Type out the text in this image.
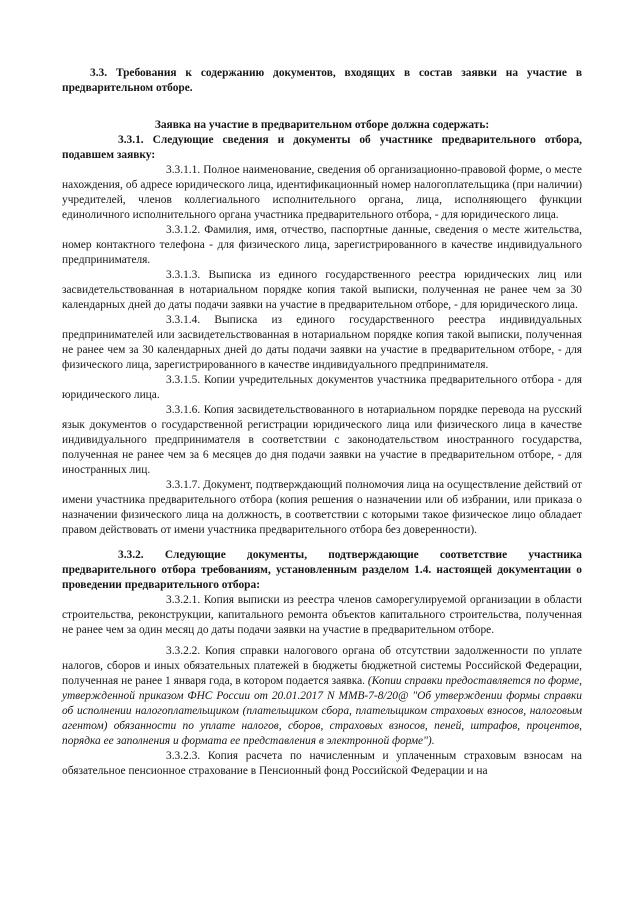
3.3. Требования к содержанию документов, входящих в состав заявки на участие в предварительном отборе.

Заявка на участие в предварительном отборе должна содержать:

3.3.1. Следующие сведения и документы об участнике предварительного отбора, подавшем заявку:

3.3.1.1. Полное наименование, сведения об организационно-правовой форме, о месте нахождения, об адресе юридического лица, идентификационный номер налогоплательщика (при наличии) учредителей, членов коллегиального исполнительного органа, лица, исполняющего функции единоличного исполнительного органа участника предварительного отбора, - для юридического лица.

3.3.1.2. Фамилия, имя, отчество, паспортные данные, сведения о месте жительства, номер контактного телефона - для физического лица, зарегистрированного в качестве индивидуального предпринимателя.

3.3.1.3. Выписка из единого государственного реестра юридических лиц или засвидетельствованная в нотариальном порядке копия такой выписки, полученная не ранее чем за 30 календарных дней до даты подачи заявки на участие в предварительном отборе, - для юридического лица.

3.3.1.4. Выписка из единого государственного реестра индивидуальных предпринимателей или засвидетельствованная в нотариальном порядке копия такой выписки, полученная не ранее чем за 30 календарных дней до даты подачи заявки на участие в предварительном отборе, - для физического лица, зарегистрированного в качестве индивидуального предпринимателя.

3.3.1.5. Копии учредительных документов участника предварительного отбора - для юридического лица.

3.3.1.6. Копия засвидетельствованного в нотариальном порядке перевода на русский язык документов о государственной регистрации юридического лица или физического лица в качестве индивидуального предпринимателя в соответствии с законодательством иностранного государства, полученная не ранее чем за 6 месяцев до дня подачи заявки на участие в предварительном отборе, - для иностранных лиц.

3.3.1.7. Документ, подтверждающий полномочия лица на осуществление действий от имени участника предварительного отбора (копия решения о назначении или об избрании, или приказа о назначении физического лица на должность, в соответствии с которыми такое физическое лицо обладает правом действовать от имени участника предварительного отбора без доверенности).

3.3.2. Следующие документы, подтверждающие соответствие участника предварительного отбора требованиям, установленным разделом 1.4. настоящей документации о проведении предварительного отбора:

3.3.2.1. Копия выписки из реестра членов саморегулируемой организации в области строительства, реконструкции, капитального ремонта объектов капитального строительства, полученная не ранее чем за один месяц до даты подачи заявки на участие в предварительном отборе.

3.3.2.2. Копия справки налогового органа об отсутствии задолженности по уплате налогов, сборов и иных обязательных платежей в бюджеты бюджетной системы Российской Федерации, полученная не ранее 1 января года, в котором подается заявка. (Копии справки предоставляется по форме, утвержденной приказом ФНС России от 20.01.2017 N ММВ-7-8/20@ "Об утверждении формы справки об исполнении налогоплательщиком (плательщиком сбора, плательщиком страховых взносов, налоговым агентом) обязанности по уплате налогов, сборов, страховых взносов, пеней, штрафов, процентов, порядка ее заполнения и формата ее представления в электронной форме").

3.3.2.3. Копия расчета по начисленным и уплаченным страховым взносам на обязательное пенсионное страхование в Пенсионный фонд Российской Федерации и на
